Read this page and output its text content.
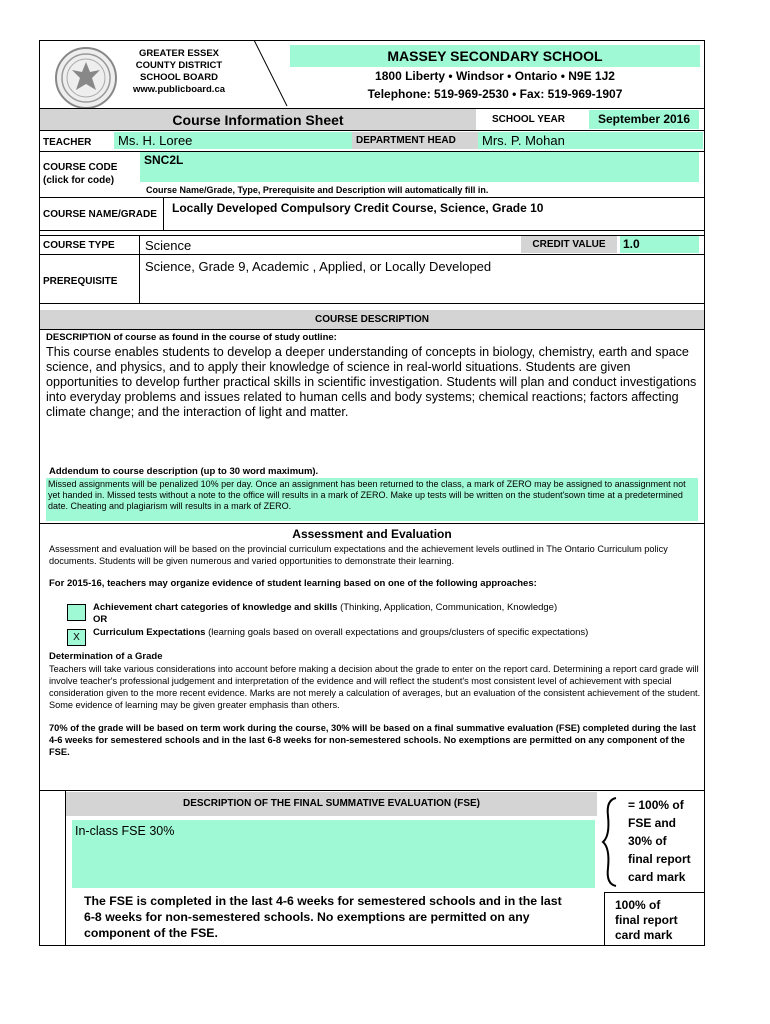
GREATER ESSEX
COUNTY DISTRICT
SCHOOL BOARD
www.publicboard.ca
MASSEY SECONDARY SCHOOL
1800 Liberty • Windsor • Ontario • N9E 1J2
Telephone: 519-969-2530 • Fax: 519-969-1907
Course Information Sheet	SCHOOL YEAR	September 2016
TEACHER	Ms. H. Loree	DEPARTMENT HEAD	Mrs. P. Mohan
COURSE CODE
(click for code)
SNC2L
Course Name/Grade, Type, Prerequisite and Description will automatically fill in.
COURSE NAME/GRADE Locally Developed Compulsory Credit Course, Science, Grade 10
COURSE TYPE Science	CREDIT VALUE	1.0
PREREQUISITE
Science, Grade 9, Academic , Applied, or Locally Developed
COURSE DESCRIPTION
DESCRIPTION of course as found in the course of study outline:
This course enables students to develop a deeper understanding of concepts in biology, chemistry, earth and space science, and physics, and to apply their knowledge of science in real-world situations. Students are given opportunities to develop further practical skills in scientific investigation. Students will plan and conduct investigations into everyday problems and issues related to human cells and body systems; chemical reactions; factors affecting climate change; and the interaction of light and matter.
Addendum to course description (up to 30 word maximum).
Missed assignments will be penalized 10% per day. Once an assignment has been returned to the class, a mark of ZERO may be assigned to anassignment not yet handed in. Missed tests without a note to the office will results in a mark of ZERO. Make up tests will be written on the student'sown time at a predetermined date. Cheating and plagiarism will results in a mark of ZERO.
Assessment and Evaluation
Assessment and evaluation will be based on the provincial curriculum expectations and the achievement levels outlined in The Ontario Curriculum policy documents. Students will be given numerous and varied opportunities to demonstrate their learning.
For 2015-16, teachers may organize evidence of student learning based on one of the following approaches:
Achievement chart categories of knowledge and skills (Thinking, Application, Communication, Knowledge)
OR
X	Curriculum Expectations (learning goals based on overall expectations and groups/clusters of specific expectations)
Determination of a Grade
Teachers will take various considerations into account before making a decision about the grade to enter on the report card. Determining a report card grade will involve teacher's professional judgement and interpretation of the evidence and will reflect the student's most consistent level of achievement with special consideration given to the more recent evidence. Marks are not merely a calculation of averages, but an evaluation of the consistent achievement of the student. Some evidence of learning may be given greater emphasis than others.
70% of the grade will be based on term work during the course, 30% will be based on a final summative evaluation (FSE) completed during the last 4-6 weeks for semestered schools and in the last 6-8 weeks for non-semestered schools. No exemptions are permitted on any component of the FSE.
DESCRIPTION OF THE FINAL SUMMATIVE EVALUATION (FSE)
In-class FSE 30%
The FSE is completed in the last 4-6 weeks for semestered schools and in the last 6-8 weeks for non-semestered schools. No exemptions are permitted on any component of the FSE.
= 100% of
FSE and
30% of
final report
card mark
100% of
final report
card mark
